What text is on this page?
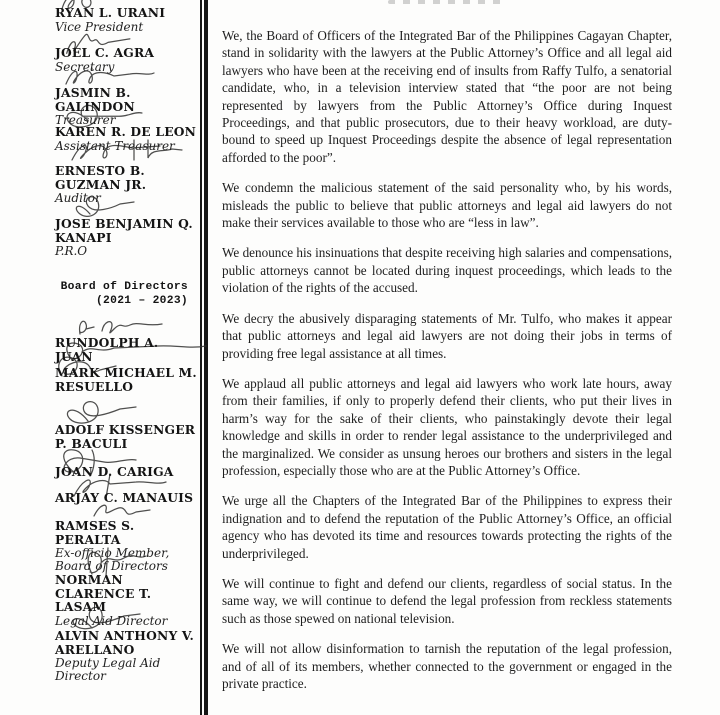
RYAN L. URANI
Vice President
JOEL C. AGRA
Secretary
JASMIN B. GALINDON
Treasurer
KAREN R. DE LEON
Assistant Treasurer
ERNESTO B. GUZMAN JR.
Auditor
JOSE BENJAMIN Q. KANAPI
P.R.O
Board of Directors
(2021 – 2023)
RUNDOLPH A. JUAN
MARK MICHAEL M. RESUELLO
ADOLF KISSENGER P. BACULI
JOAN D. CARIGA
ARJAY C. MANAUIS
RAMSES S. PERALTA
Ex-officio Member, Board of Directors
NORMAN CLARENCE T. LASAM
Legal Aid Director
ALVIN ANTHONY V. ARELLANO
Deputy Legal Aid Director

We, the Board of Officers of the Integrated Bar of the Philippines Cagayan Chapter, stand in solidarity with the lawyers at the Public Attorney’s Office and all legal aid lawyers who have been at the receiving end of insults from Raffy Tulfo, a senatorial candidate, who, in a television interview stated that “the poor are not being represented by lawyers from the Public Attorney’s Office during Inquest Proceedings, and that public prosecutors, due to their heavy workload, are duty-bound to speed up Inquest Proceedings despite the absence of legal representation afforded to the poor”.

We condemn the malicious statement of the said personality who, by his words, misleads the public to believe that public attorneys and legal aid lawyers do not make their services available to those who are “less in law”.

We denounce his insinuations that despite receiving high salaries and compensations, public attorneys cannot be located during inquest proceedings, which leads to the violation of the rights of the accused.

We decry the abusively disparaging statements of Mr. Tulfo, who makes it appear that public attorneys and legal aid lawyers are not doing their jobs in terms of providing free legal assistance at all times.

We applaud all public attorneys and legal aid lawyers who work late hours, away from their families, if only to properly defend their clients, who put their lives in harm’s way for the sake of their clients, who painstakingly devote their legal knowledge and skills in order to render legal assistance to the underprivileged and the marginalized. We consider as unsung heroes our brothers and sisters in the legal profession, especially those who are at the Public Attorney’s Office.

We urge all the Chapters of the Integrated Bar of the Philippines to express their indignation and to defend the reputation of the Public Attorney’s Office, an official agency who has devoted its time and resources towards protecting the rights of the underprivileged.

We will continue to fight and defend our clients, regardless of social status. In the same way, we will continue to defend the legal profession from reckless statements such as those spewed on national television.

We will not allow disinformation to tarnish the reputation of the legal profession, and of all of its members, whether connected to the government or engaged in the private practice.
